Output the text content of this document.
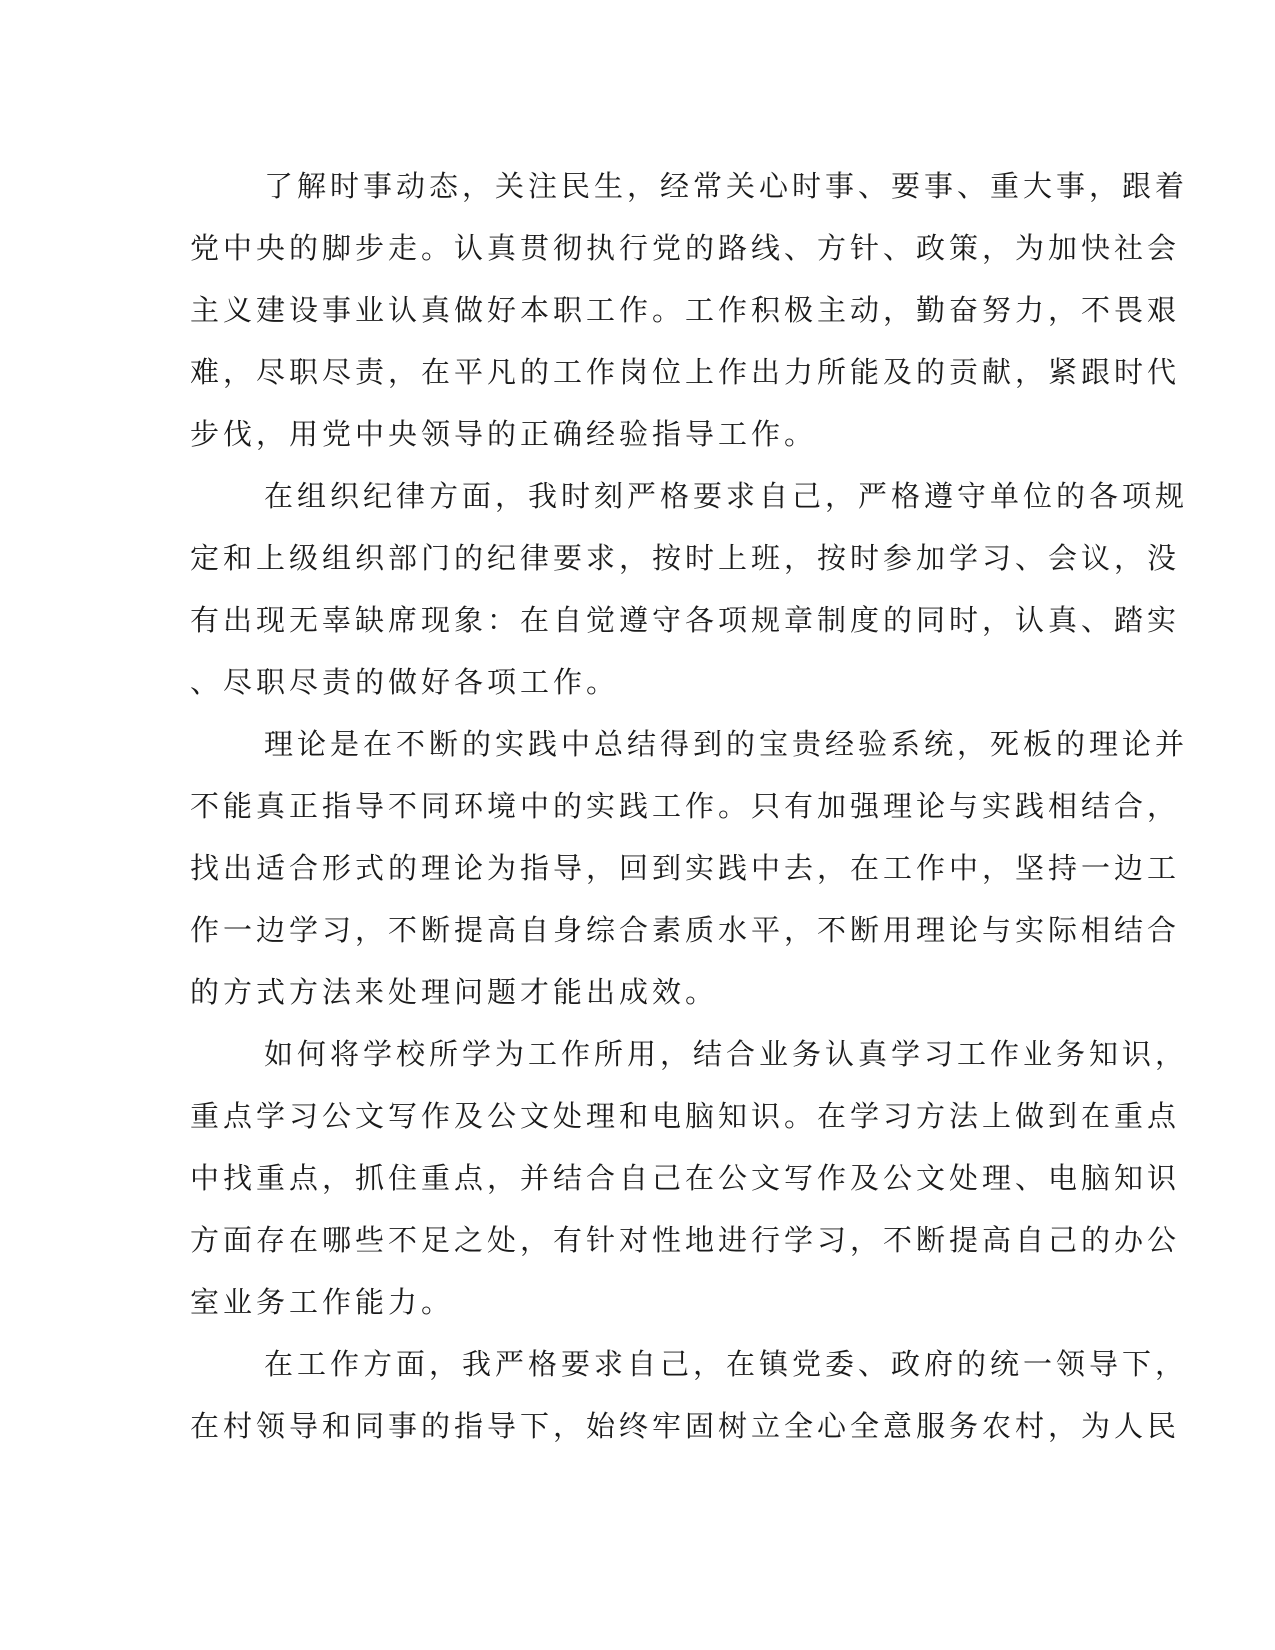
了解时事动态，关注民生，经常关心时事、要事、重大事，跟着
党中央的脚步走。认真贯彻执行党的路线、方针、政策，为加快社会
主义建设事业认真做好本职工作。工作积极主动，勤奋努力，不畏艰
难，尽职尽责，在平凡的工作岗位上作出力所能及的贡献，紧跟时代
步伐，用党中央领导的正确经验指导工作。

在组织纪律方面，我时刻严格要求自己，严格遵守单位的各项规
定和上级组织部门的纪律要求，按时上班，按时参加学习、会议，没
有出现无辜缺席现象：在自觉遵守各项规章制度的同时，认真、踏实
、尽职尽责的做好各项工作。

理论是在不断的实践中总结得到的宝贵经验系统，死板的理论并
不能真正指导不同环境中的实践工作。只有加强理论与实践相结合，
找出适合形式的理论为指导，回到实践中去，在工作中，坚持一边工
作一边学习，不断提高自身综合素质水平，不断用理论与实际相结合
的方式方法来处理问题才能出成效。

如何将学校所学为工作所用，结合业务认真学习工作业务知识，
重点学习公文写作及公文处理和电脑知识。在学习方法上做到在重点
中找重点，抓住重点，并结合自己在公文写作及公文处理、电脑知识
方面存在哪些不足之处，有针对性地进行学习，不断提高自己的办公
室业务工作能力。

在工作方面，我严格要求自己，在镇党委、政府的统一领导下，
在村领导和同事的指导下，始终牢固树立全心全意服务农村，为人民
